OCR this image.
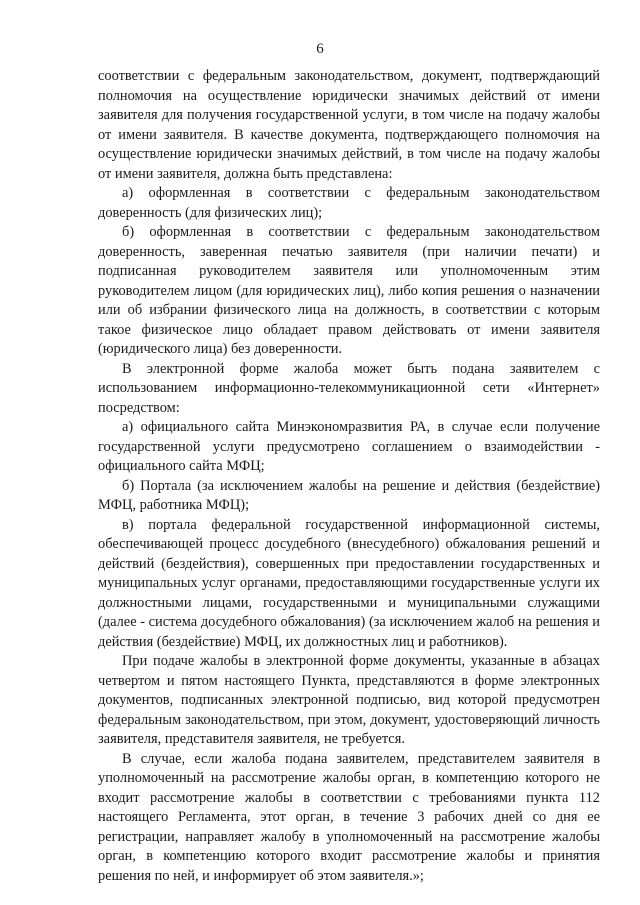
6

соответствии с федеральным законодательством, документ, подтверждающий полномочия на осуществление юридически значимых действий от имени заявителя для получения государственной услуги, в том числе на подачу жалобы от имени заявителя. В качестве документа, подтверждающего полномочия на осуществление юридически значимых действий, в том числе на подачу жалобы от имени заявителя, должна быть представлена:

а) оформленная в соответствии с федеральным законодательством доверенность (для физических лиц);

б) оформленная в соответствии с федеральным законодательством доверенность, заверенная печатью заявителя (при наличии печати) и подписанная руководителем заявителя или уполномоченным этим руководителем лицом (для юридических лиц), либо копия решения о назначении или об избрании физического лица на должность, в соответствии с которым такое физическое лицо обладает правом действовать от имени заявителя (юридического лица) без доверенности.

В электронной форме жалоба может быть подана заявителем с использованием информационно-телекоммуникационной сети «Интернет» посредством:

а) официального сайта Минэкономразвития РА, в случае если получение государственной услуги предусмотрено соглашением о взаимодействии - официального сайта МФЦ;

б) Портала (за исключением жалобы на решение и действия (бездействие) МФЦ, работника МФЦ);

в) портала федеральной государственной информационной системы, обеспечивающей процесс досудебного (внесудебного) обжалования решений и действий (бездействия), совершенных при предоставлении государственных и муниципальных услуг органами, предоставляющими государственные услуги их должностными лицами, государственными и муниципальными служащими (далее - система досудебного обжалования) (за исключением жалоб на решения и действия (бездействие) МФЦ, их должностных лиц и работников).

При подаче жалобы в электронной форме документы, указанные в абзацах четвертом и пятом настоящего Пункта, представляются в форме электронных документов, подписанных электронной подписью, вид которой предусмотрен федеральным законодательством, при этом, документ, удостоверяющий личность заявителя, представителя заявителя, не требуется.

В случае, если жалоба подана заявителем, представителем заявителя в уполномоченный на рассмотрение жалобы орган, в компетенцию которого не входит рассмотрение жалобы в соответствии с требованиями пункта 112 настоящего Регламента, этот орган, в течение 3 рабочих дней со дня ее регистрации, направляет жалобу в уполномоченный на рассмотрение жалобы орган, в компетенцию которого входит рассмотрение жалобы и принятия решения по ней, и информирует об этом заявителя.»;
